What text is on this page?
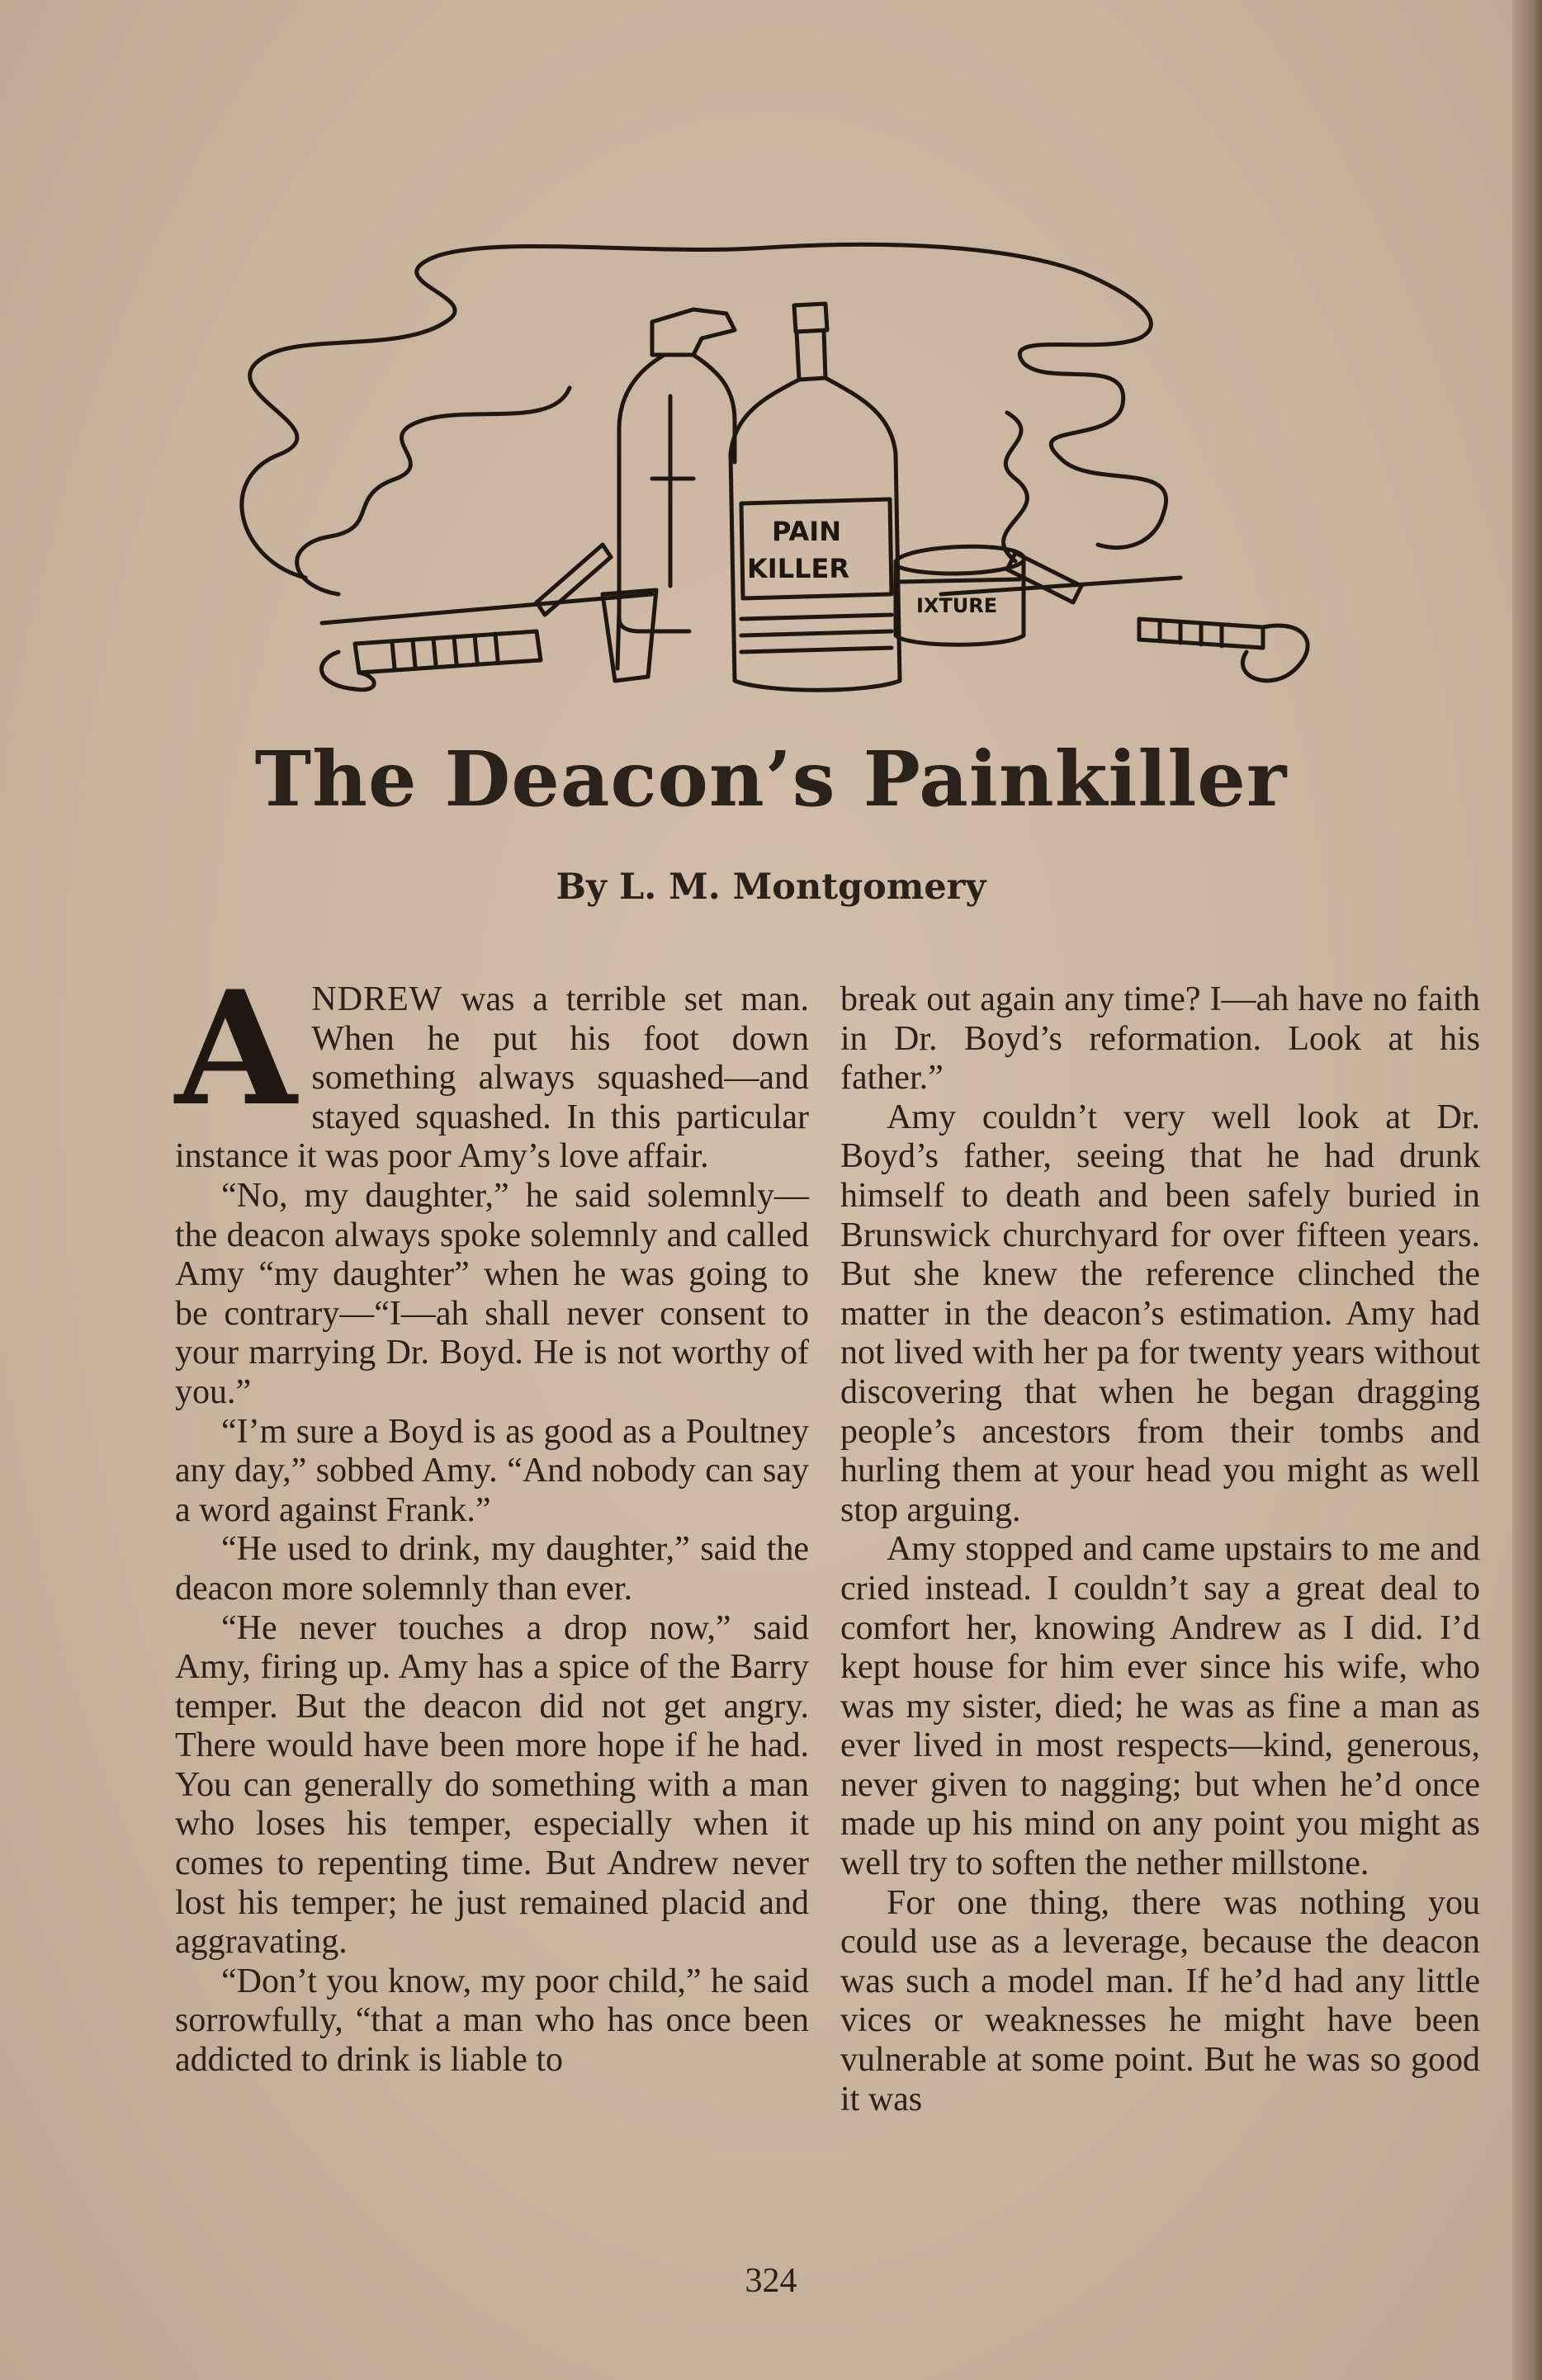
PAIN
KILLER
IXTURE
The Deacon’s Painkiller
By L. M. Montgomery

ANDREW was a terrible set man. When he put his foot down something always squashed—and stayed squashed. In this particular instance it was poor Amy’s love affair.

“No, my daughter,” he said solemnly—the deacon always spoke solemnly and called Amy “my daughter” when he was going to be contrary—“I—ah shall never consent to your marrying Dr. Boyd. He is not worthy of you.”

“I’m sure a Boyd is as good as a Poultney any day,” sobbed Amy. “And nobody can say a word against Frank.”

“He used to drink, my daughter,” said the deacon more solemnly than ever.

“He never touches a drop now,” said Amy, firing up. Amy has a spice of the Barry temper. But the deacon did not get angry. There would have been more hope if he had. You can generally do something with a man who loses his temper, especially when it comes to repenting time. But Andrew never lost his temper; he just remained placid and aggravating.

“Don’t you know, my poor child,” he said sorrowfully, “that a man who has once been addicted to drink is liable to

break out again any time? I—ah have no faith in Dr. Boyd’s reformation. Look at his father.”

Amy couldn’t very well look at Dr. Boyd’s father, seeing that he had drunk himself to death and been safely buried in Brunswick churchyard for over fifteen years. But she knew the reference clinched the matter in the deacon’s estimation. Amy had not lived with her pa for twenty years without discovering that when he began dragging people’s ancestors from their tombs and hurling them at your head you might as well stop arguing.

Amy stopped and came upstairs to me and cried instead. I couldn’t say a great deal to comfort her, knowing Andrew as I did. I’d kept house for him ever since his wife, who was my sister, died; he was as fine a man as ever lived in most respects—kind, generous, never given to nagging; but when he’d once made up his mind on any point you might as well try to soften the nether millstone.

For one thing, there was nothing you could use as a leverage, because the deacon was such a model man. If he’d had any little vices or weaknesses he might have been vulnerable at some point. But he was so good it was

324
